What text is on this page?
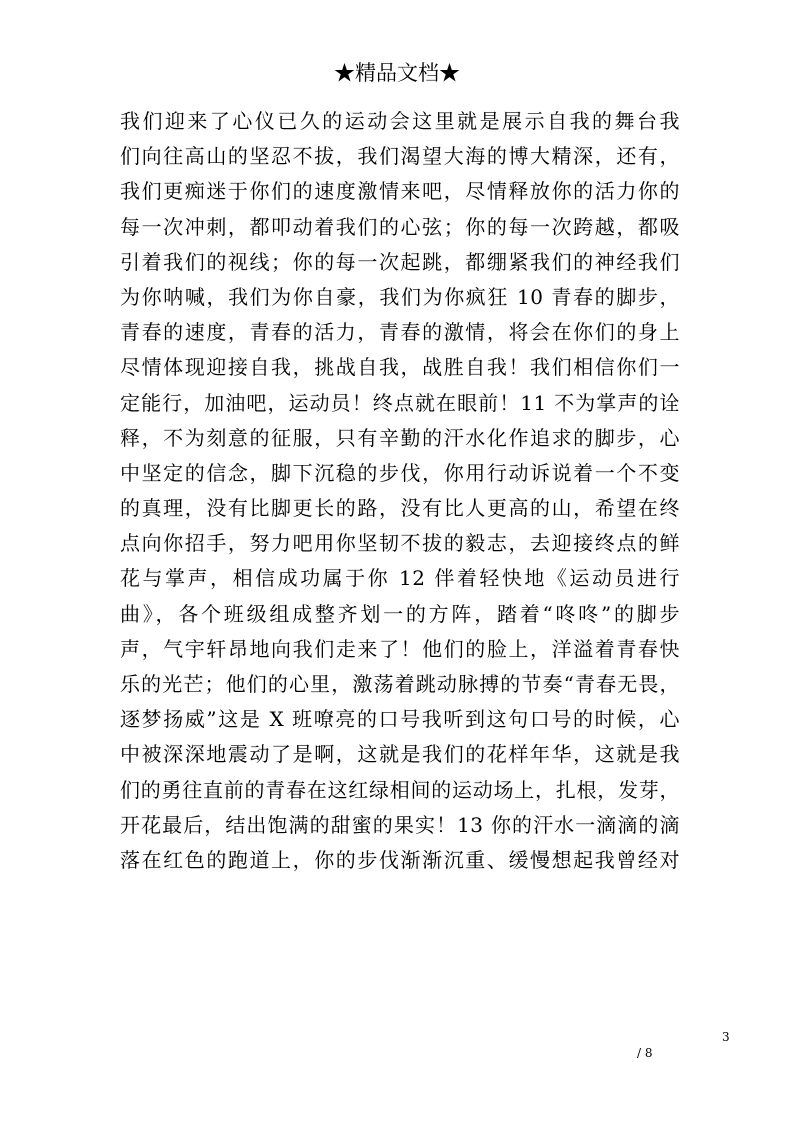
★精品文档★
我们迎来了心仪已久的运动会这里就是展示自我的舞台我
们向往高山的坚忍不拔，我们渴望大海的博大精深，还有，
我们更痴迷于你们的速度激情来吧，尽情释放你的活力你的
每一次冲刺，都叩动着我们的心弦；你的每一次跨越，都吸
引着我们的视线；你的每一次起跳，都绷紧我们的神经我们
为你呐喊，我们为你自豪，我们为你疯狂 10 青春的脚步，
青春的速度，青春的活力，青春的激情，将会在你们的身上
尽情体现迎接自我，挑战自我，战胜自我！我们相信你们一
定能行，加油吧，运动员！终点就在眼前！11 不为掌声的诠
释，不为刻意的征服，只有辛勤的汗水化作追求的脚步，心
中坚定的信念，脚下沉稳的步伐，你用行动诉说着一个不变
的真理，没有比脚更长的路，没有比人更高的山，希望在终
点向你招手，努力吧用你坚韧不拔的毅志，去迎接终点的鲜
花与掌声，相信成功属于你 12 伴着轻快地《运动员进行
曲》，各个班级组成整齐划一的方阵，踏着“咚咚”的脚步
声，气宇轩昂地向我们走来了！他们的脸上，洋溢着青春快
乐的光芒；他们的心里，激荡着跳动脉搏的节奏“青春无畏，
逐梦扬威”这是 X 班嘹亮的口号我听到这句口号的时候，心
中被深深地震动了是啊，这就是我们的花样年华，这就是我
们的勇往直前的青春在这红绿相间的运动场上，扎根，发芽，
开花最后，结出饱满的甜蜜的果实！13 你的汗水一滴滴的滴
落在红色的跑道上，你的步伐渐渐沉重、缓慢想起我曾经对
3
/ 8
